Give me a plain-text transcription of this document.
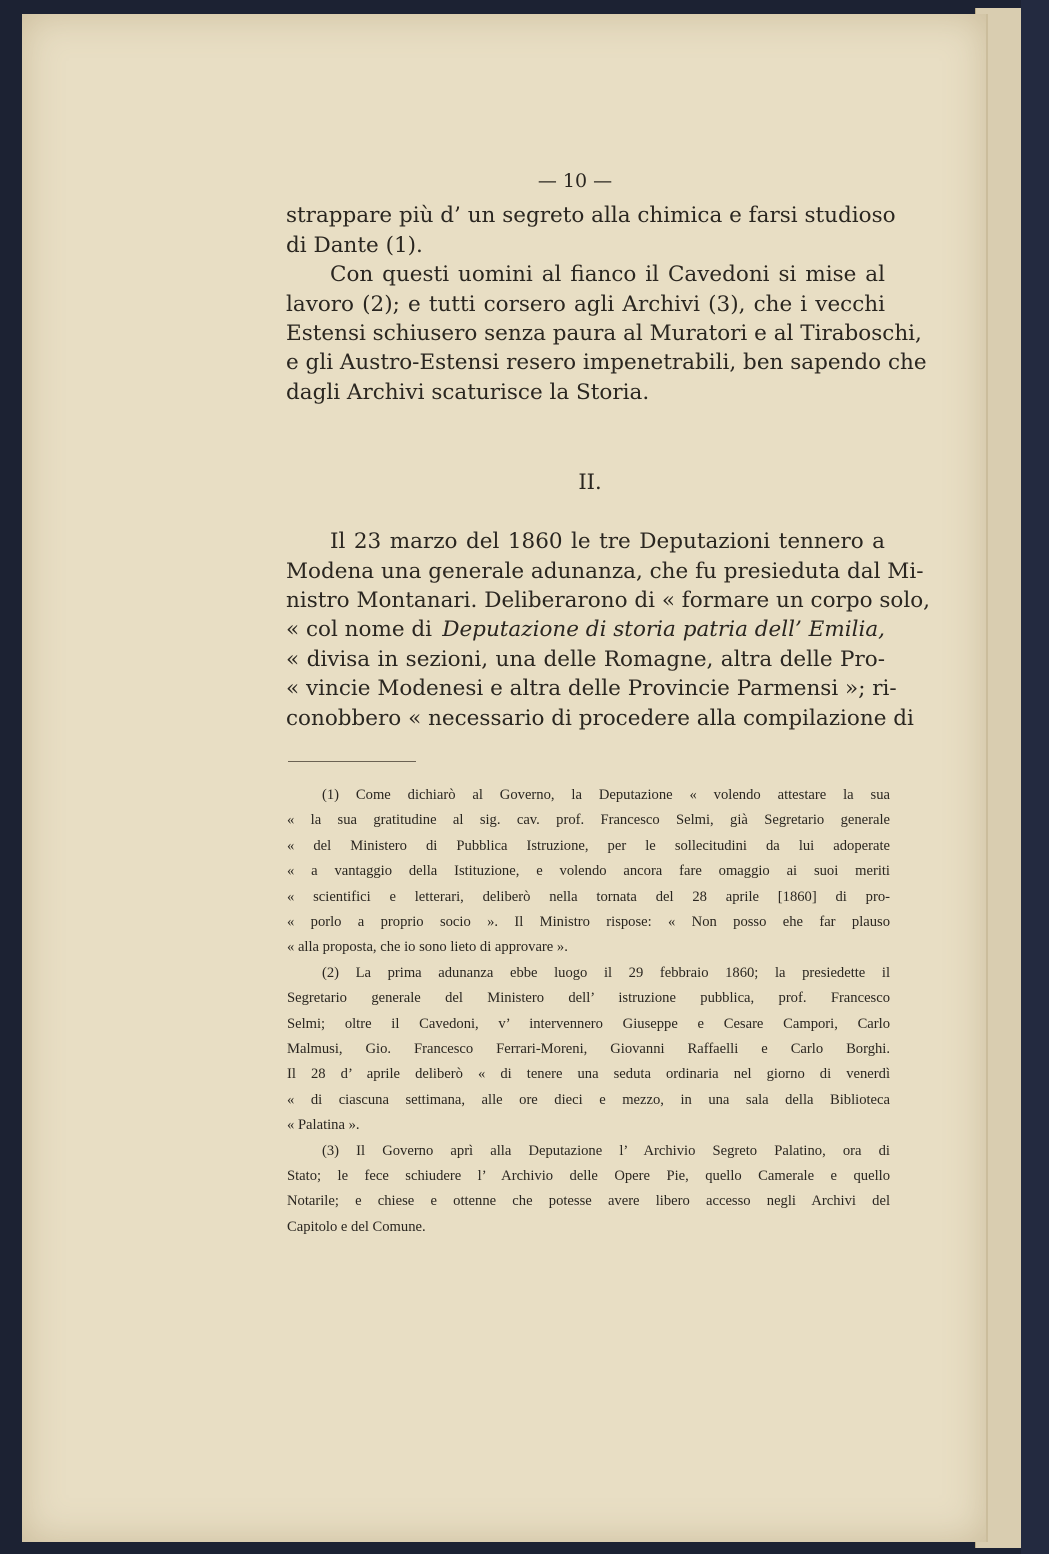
— 10 —
strappare più d’ un segreto alla chimica e farsi studioso
di Dante (1).
Con questi uomini al fianco il Cavedoni si mise al
lavoro (2); e tutti corsero agli Archivi (3), che i vecchi
Estensi schiusero senza paura al Muratori e al Tiraboschi,
e gli Austro-Estensi resero impenetrabili, ben sapendo che
dagli Archivi scaturisce la Storia.
II.
Il 23 marzo del 1860 le tre Deputazioni tennero a
Modena una generale adunanza, che fu presieduta dal Mi-
nistro Montanari. Deliberarono di « formare un corpo solo,
« col nome di Deputazione di storia patria dell’ Emilia,
« divisa in sezioni, una delle Romagne, altra delle Pro-
« vincie Modenesi e altra delle Provincie Parmensi »; ri-
conobbero « necessario di procedere alla compilazione di
(1) Come dichiarò al Governo, la Deputazione « volendo attestare la sua
« la sua gratitudine al sig. cav. prof. Francesco Selmi, già Segretario generale
« del Ministero di Pubblica Istruzione, per le sollecitudini da lui adoperate
« a vantaggio della Istituzione, e volendo ancora fare omaggio ai suoi meriti
« scientifici e letterari, deliberò nella tornata del 28 aprile [1860] di pro-
« porlo a proprio socio ». Il Ministro rispose: « Non posso ehe far plauso
« alla proposta, che io sono lieto di approvare ».
(2) La prima adunanza ebbe luogo il 29 febbraio 1860; la presiedette il
Segretario generale del Ministero dell’ istruzione pubblica, prof. Francesco
Selmi; oltre il Cavedoni, v’ intervennero Giuseppe e Cesare Campori, Carlo
Malmusi, Gio. Francesco Ferrari-Moreni, Giovanni Raffaelli e Carlo Borghi.
Il 28 d’ aprile deliberò « di tenere una seduta ordinaria nel giorno di venerdì
« di ciascuna settimana, alle ore dieci e mezzo, in una sala della Biblioteca
« Palatina ».
(3) Il Governo aprì alla Deputazione l’ Archivio Segreto Palatino, ora di
Stato; le fece schiudere l’ Archivio delle Opere Pie, quello Camerale e quello
Notarile; e chiese e ottenne che potesse avere libero accesso negli Archivi del
Capitolo e del Comune.
